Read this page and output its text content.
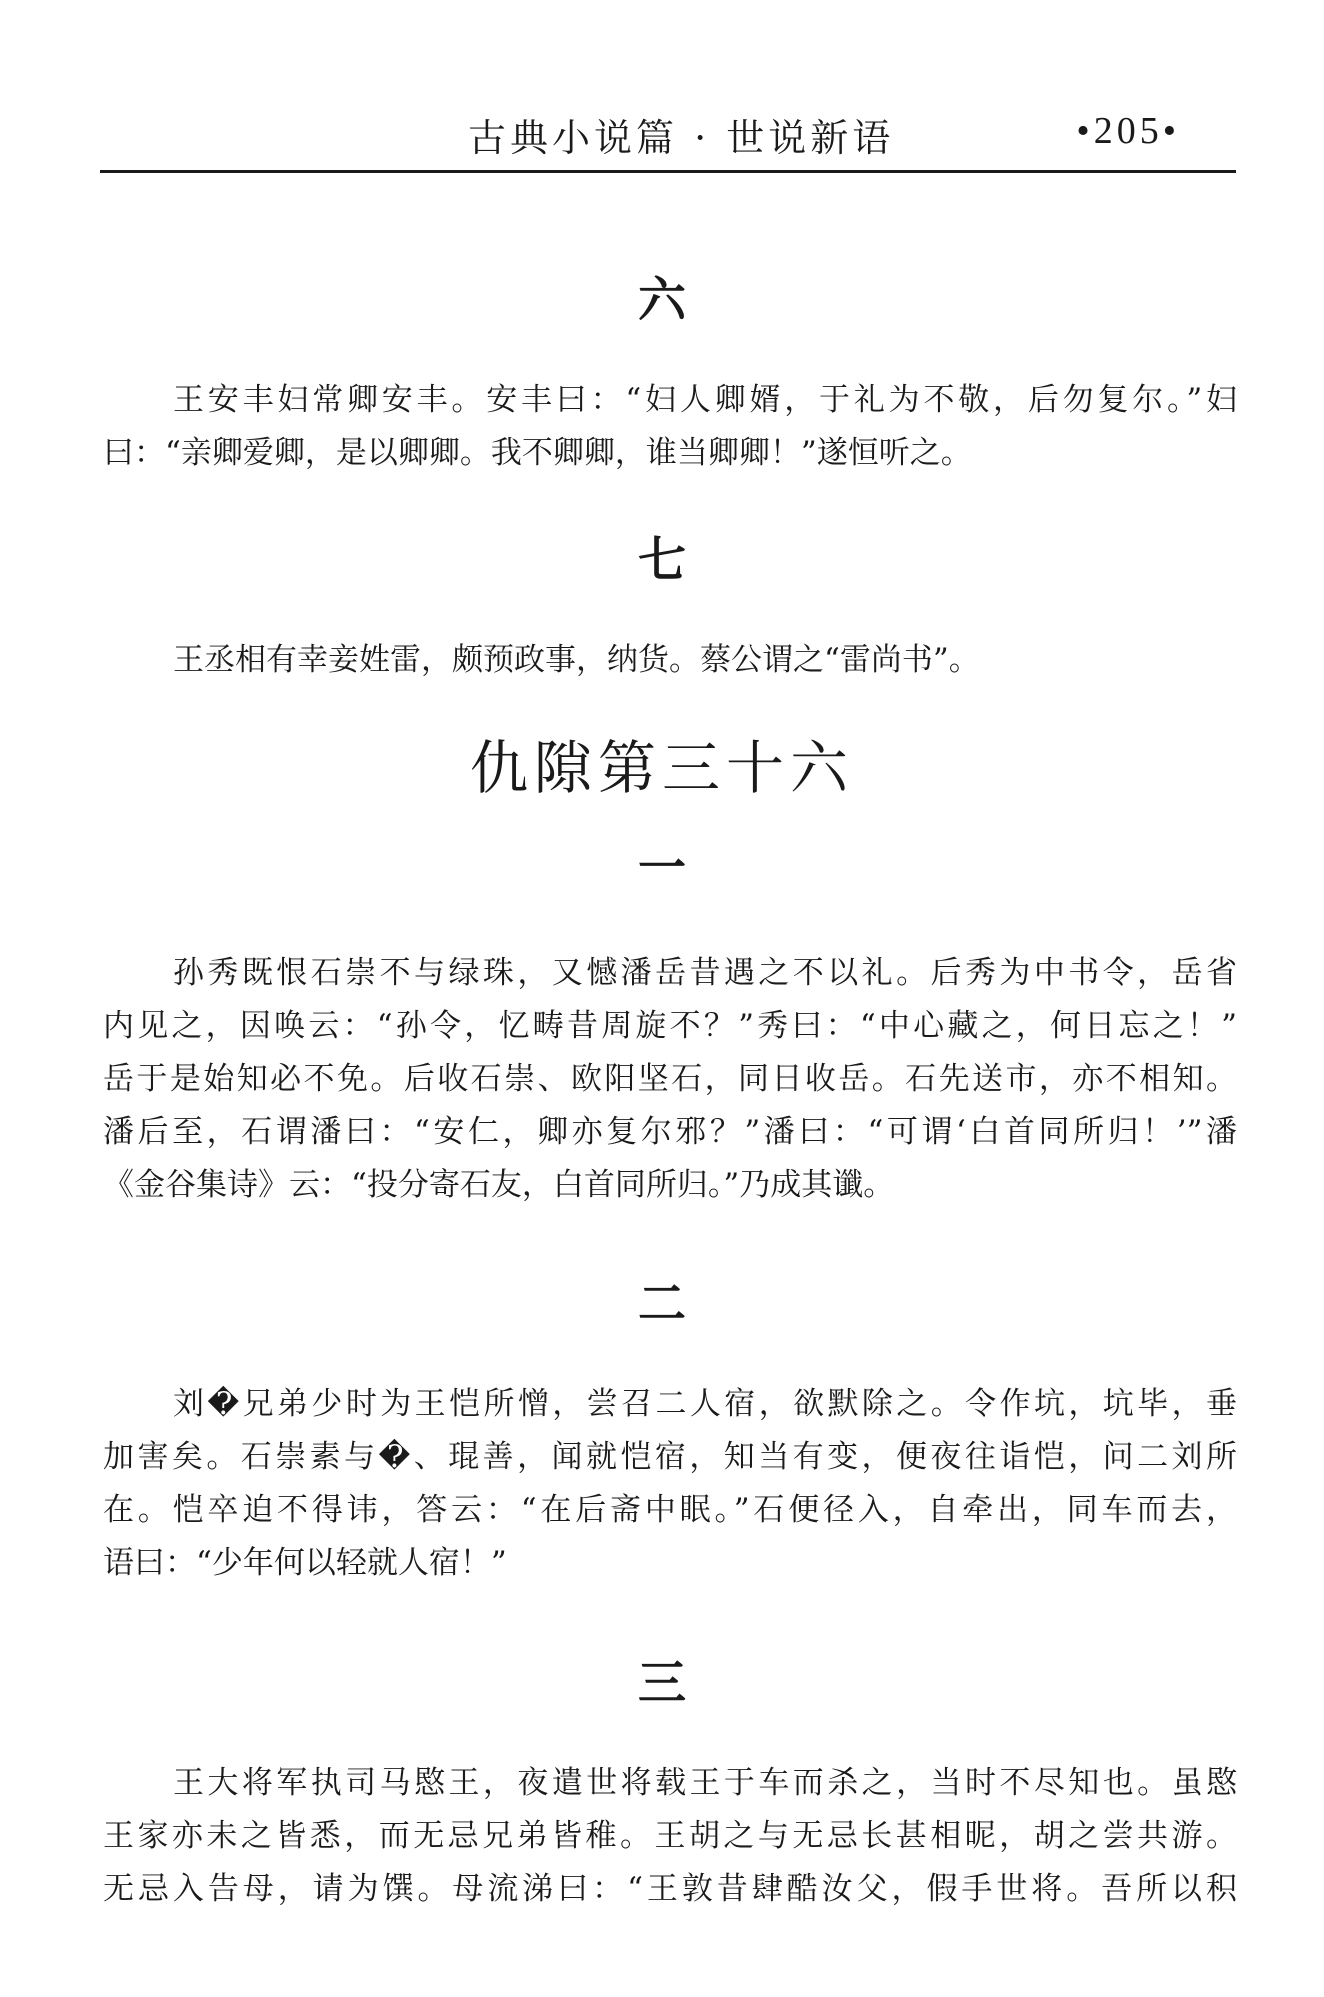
古典小说篇 · 世说新语	•205•
六

王安丰妇常卿安丰。安丰曰：“妇人卿婿，于礼为不敬，后勿复尔。”妇
曰：“亲卿爱卿，是以卿卿。我不卿卿，谁当卿卿！”遂恒听之。

七

王丞相有幸妾姓雷，颇预政事，纳货。蔡公谓之“雷尚书”。

仇隙第三十六
一

孙秀既恨石崇不与绿珠，又憾潘岳昔遇之不以礼。后秀为中书令，岳省
内见之，因唤云：“孙令，忆畴昔周旋不？”秀曰：“中心藏之，何日忘之！”
岳于是始知必不免。后收石崇、欧阳坚石，同日收岳。石先送市，亦不相知。
潘后至，石谓潘曰：“安仁，卿亦复尔邪？”潘曰：“可谓‘白首同所归！’”潘
《金谷集诗》云：“投分寄石友，白首同所归。”乃成其谶。

二

刘�兄弟少时为王恺所憎，尝召二人宿，欲默除之。令作坑，坑毕，垂
加害矣。石崇素与�、琨善，闻就恺宿，知当有变，便夜往诣恺，问二刘所
在。恺卒迫不得讳，答云：“在后斋中眠。”石便径入，自牵出，同车而去，
语曰：“少年何以轻就人宿！”

三

王大将军执司马愍王，夜遣世将载王于车而杀之，当时不尽知也。虽愍
王家亦未之皆悉，而无忌兄弟皆稚。王胡之与无忌长甚相昵，胡之尝共游。
无忌入告母，请为馔。母流涕曰：“王敦昔肆酷汝父，假手世将。吾所以积
